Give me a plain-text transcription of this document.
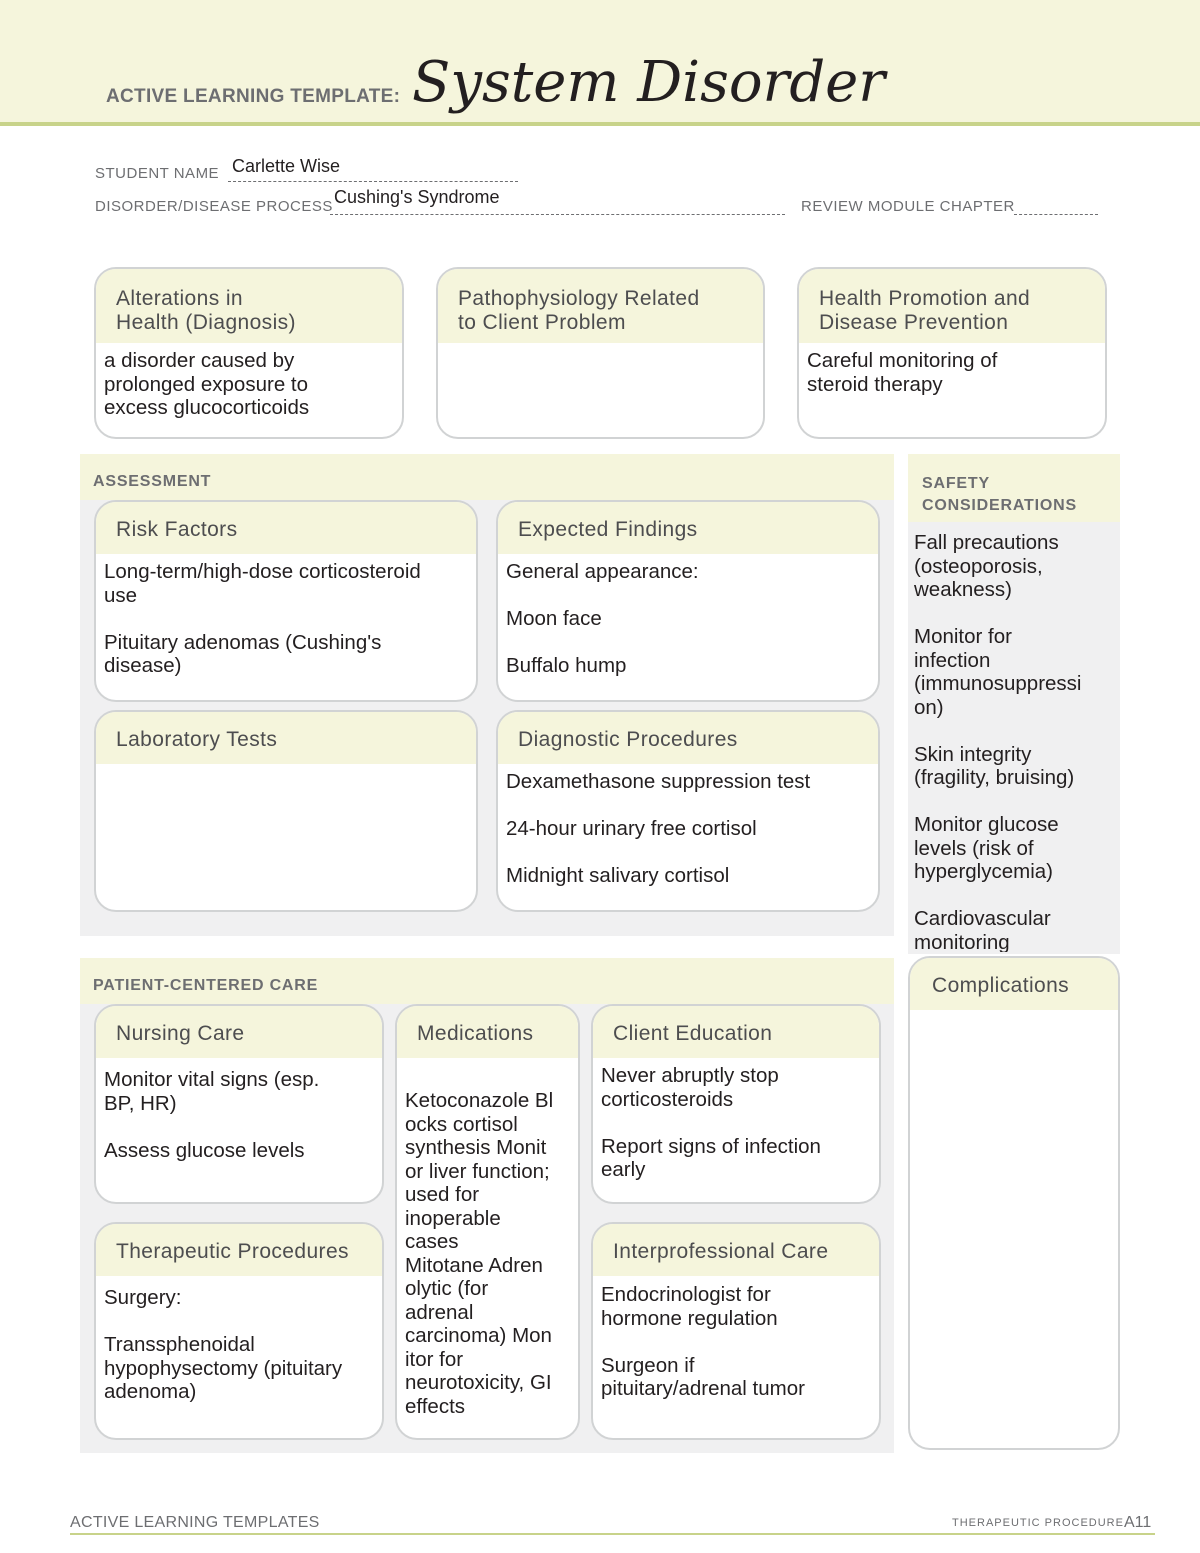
ACTIVE LEARNING TEMPLATE: System Disorder
STUDENT NAME Carlette Wise
DISORDER/DISEASE PROCESS Cushing's Syndrome	REVIEW MODULE CHAPTER
Alterations in
Health (Diagnosis)

a disorder caused by
prolonged exposure to
excess glucocorticoids

Pathophysiology Related
to Client Problem
Health Promotion and
Disease Prevention

Careful monitoring of
steroid therapy

ASSESSMENT
Risk Factors

Long-term/high-dose corticosteroid
use

Pituitary adenomas (Cushing's
disease)

Expected Findings

General appearance:

Moon face

Buffalo hump

Laboratory Tests	Diagnostic Procedures

Dexamethasone suppression test

24-hour urinary free cortisol

Midnight salivary cortisol

SAFETY
CONSIDERATIONS

Fall precautions
(osteoporosis,
weakness)

Monitor for
infection
(immunosuppressi
on)

Skin integrity
(fragility, bruising)

Monitor glucose
levels (risk of
hyperglycemia)

Cardiovascular
monitoring

Complications
PATIENT-CENTERED CARE
Nursing Care

Monitor vital signs (esp.
BP, HR)

Assess glucose levels

Medications

Ketoconazole Bl
ocks cortisol
synthesis Monit
or liver function;
used for
inoperable
cases
Mitotane Adren
olytic (for
adrenal
carcinoma) Mon
itor for
neurotoxicity, GI
effects

Client Education

Never abruptly stop
corticosteroids

Report signs of infection
early

Therapeutic Procedures

Surgery:

Transsphenoidal
hypophysectomy (pituitary
adenoma)

Interprofessional Care

Endocrinologist for
hormone regulation

Surgeon if
pituitary/adrenal tumor

ACTIVE LEARNING TEMPLATES	THERAPEUTIC PROCEDURE A11
